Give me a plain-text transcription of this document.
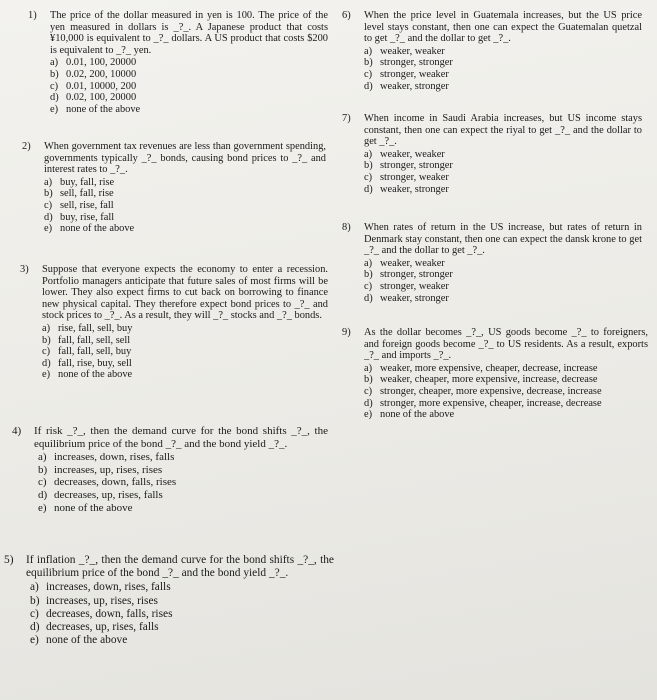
1)	The price of the dollar measured in yen is 100. The price of the yen measured in dollars is _?_. A Japanese product that costs ¥10,000 is equivalent to _?_ dollars. A US product that costs $200 is equivalent to _?_ yen.
a) 0.01, 100, 20000
b) 0.02, 200, 10000
c) 0.01, 10000, 200
d) 0.02, 100, 20000
e) none of the above
2)	When government tax revenues are less than government spending, governments typically _?_ bonds, causing bond prices to _?_ and interest rates to _?_.
a) buy, fall, rise
b) sell, fall, rise
c) sell, rise, fall
d) buy, rise, fall
e) none of the above
3)	Suppose that everyone expects the economy to enter a recession. Portfolio managers anticipate that future sales of most firms will be lower. They also expect firms to cut back on borrowing to finance new physical capital. They therefore expect bond prices to _?_ and stock prices to _?_. As a result, they will _?_ stocks and _?_ bonds.
a) rise, fall, sell, buy
b) fall, fall, sell, sell
c) fall, fall, sell, buy
d) fall, rise, buy, sell
e) none of the above
4)	If risk _?_, then the demand curve for the bond shifts _?_, the equilibrium price of the bond _?_ and the bond yield _?_.
a) increases, down, rises, falls
b) increases, up, rises, rises
c) decreases, down, falls, rises
d) decreases, up, rises, falls
e) none of the above
5)	If inflation _?_, then the demand curve for the bond shifts _?_, the equilibrium price of the bond _?_ and the bond yield _?_.
a) increases, down, rises, falls
b) increases, up, rises, rises
c) decreases, down, falls, rises
d) decreases, up, rises, falls
e) none of the above
6)	When the price level in Guatemala increases, but the US price level stays constant, then one can expect the Guatemalan quetzal to get _?_ and the dollar to get _?_.
a) weaker, weaker
b) stronger, stronger
c) stronger, weaker
d) weaker, stronger
7)	When income in Saudi Arabia increases, but US income stays constant, then one can expect the riyal to get _?_ and the dollar to get _?_.
a) weaker, weaker
b) stronger, stronger
c) stronger, weaker
d) weaker, stronger
8)	When rates of return in the US increase, but rates of return in Denmark stay constant, then one can expect the dansk krone to get _?_ and the dollar to get _?_.
a) weaker, weaker
b) stronger, stronger
c) stronger, weaker
d) weaker, stronger
9)	As the dollar becomes _?_, US goods become _?_ to foreigners, and foreign goods become _?_ to US residents. As a result, exports _?_ and imports _?_.
a) weaker, more expensive, cheaper, decrease, increase
b) weaker, cheaper, more expensive, increase, decrease
c) stronger, cheaper, more expensive, decrease, increase
d) stronger, more expensive, cheaper, increase, decrease
e) none of the above
